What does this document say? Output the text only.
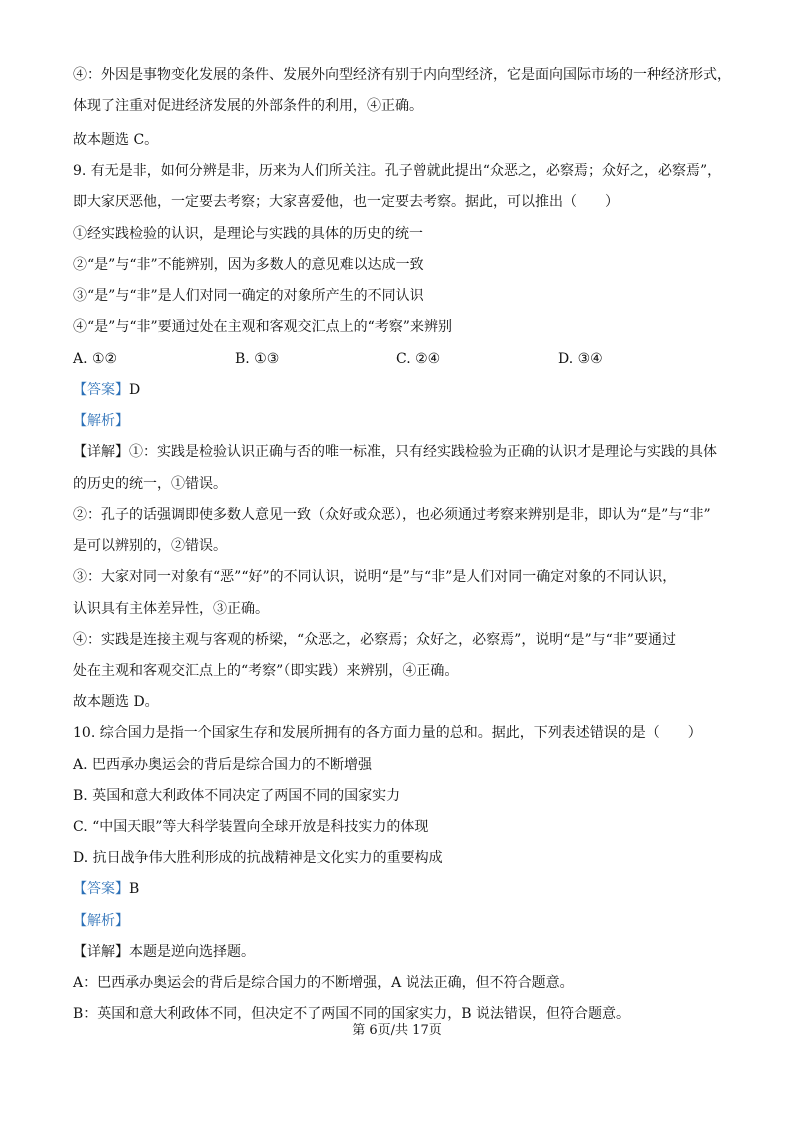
④：外因是事物变化发展的条件、发展外向型经济有别于内向型经济，它是面向国际市场的一种经济形式，

体现了注重对促进经济发展的外部条件的利用，④正确。

故本题选 C。

9. 有无是非，如何分辨是非，历来为人们所关注。孔子曾就此提出“众恶之，必察焉；众好之，必察焉”，

即大家厌恶他，一定要去考察；大家喜爱他，也一定要去考察。据此，可以推出（　　）

①经实践检验的认识，是理论与实践的具体的历史的统一

②“是”与“非”不能辨别，因为多数人的意见难以达成一致

③“是”与“非”是人们对同一确定的对象所产生的不同认识

④“是”与“非”要通过处在主观和客观交汇点上的“考察”来辨别

A. ①②	B. ①③	C. ②④	D. ③④

【答案】D

【解析】

【详解】①：实践是检验认识正确与否的唯一标准，只有经实践检验为正确的认识才是理论与实践的具体

的历史的统一，①错误。

②：孔子的话强调即使多数人意见一致（众好或众恶），也必须通过考察来辨别是非，即认为“是”与“非”

是可以辨别的，②错误。

③：大家对同一对象有“恶”“好”的不同认识，说明“是”与“非”是人们对同一确定对象的不同认识，

认识具有主体差异性，③正确。

④：实践是连接主观与客观的桥梁，“众恶之，必察焉；众好之，必察焉”，说明“是”与“非”要通过

处在主观和客观交汇点上的“考察”（即实践）来辨别，④正确。

故本题选 D。

10. 综合国力是指一个国家生存和发展所拥有的各方面力量的总和。据此，下列表述错误的是（　　）

A. 巴西承办奥运会的背后是综合国力的不断增强

B. 英国和意大利政体不同决定了两国不同的国家实力

C. “中国天眼”等大科学装置向全球开放是科技实力的体现

D. 抗日战争伟大胜利形成的抗战精神是文化实力的重要构成

【答案】B

【解析】

【详解】本题是逆向选择题。

A：巴西承办奥运会的背后是综合国力的不断增强，A 说法正确，但不符合题意。

B：英国和意大利政体不同，但决定不了两国不同的国家实力，B 说法错误，但符合题意。

第 6页/共 17页
